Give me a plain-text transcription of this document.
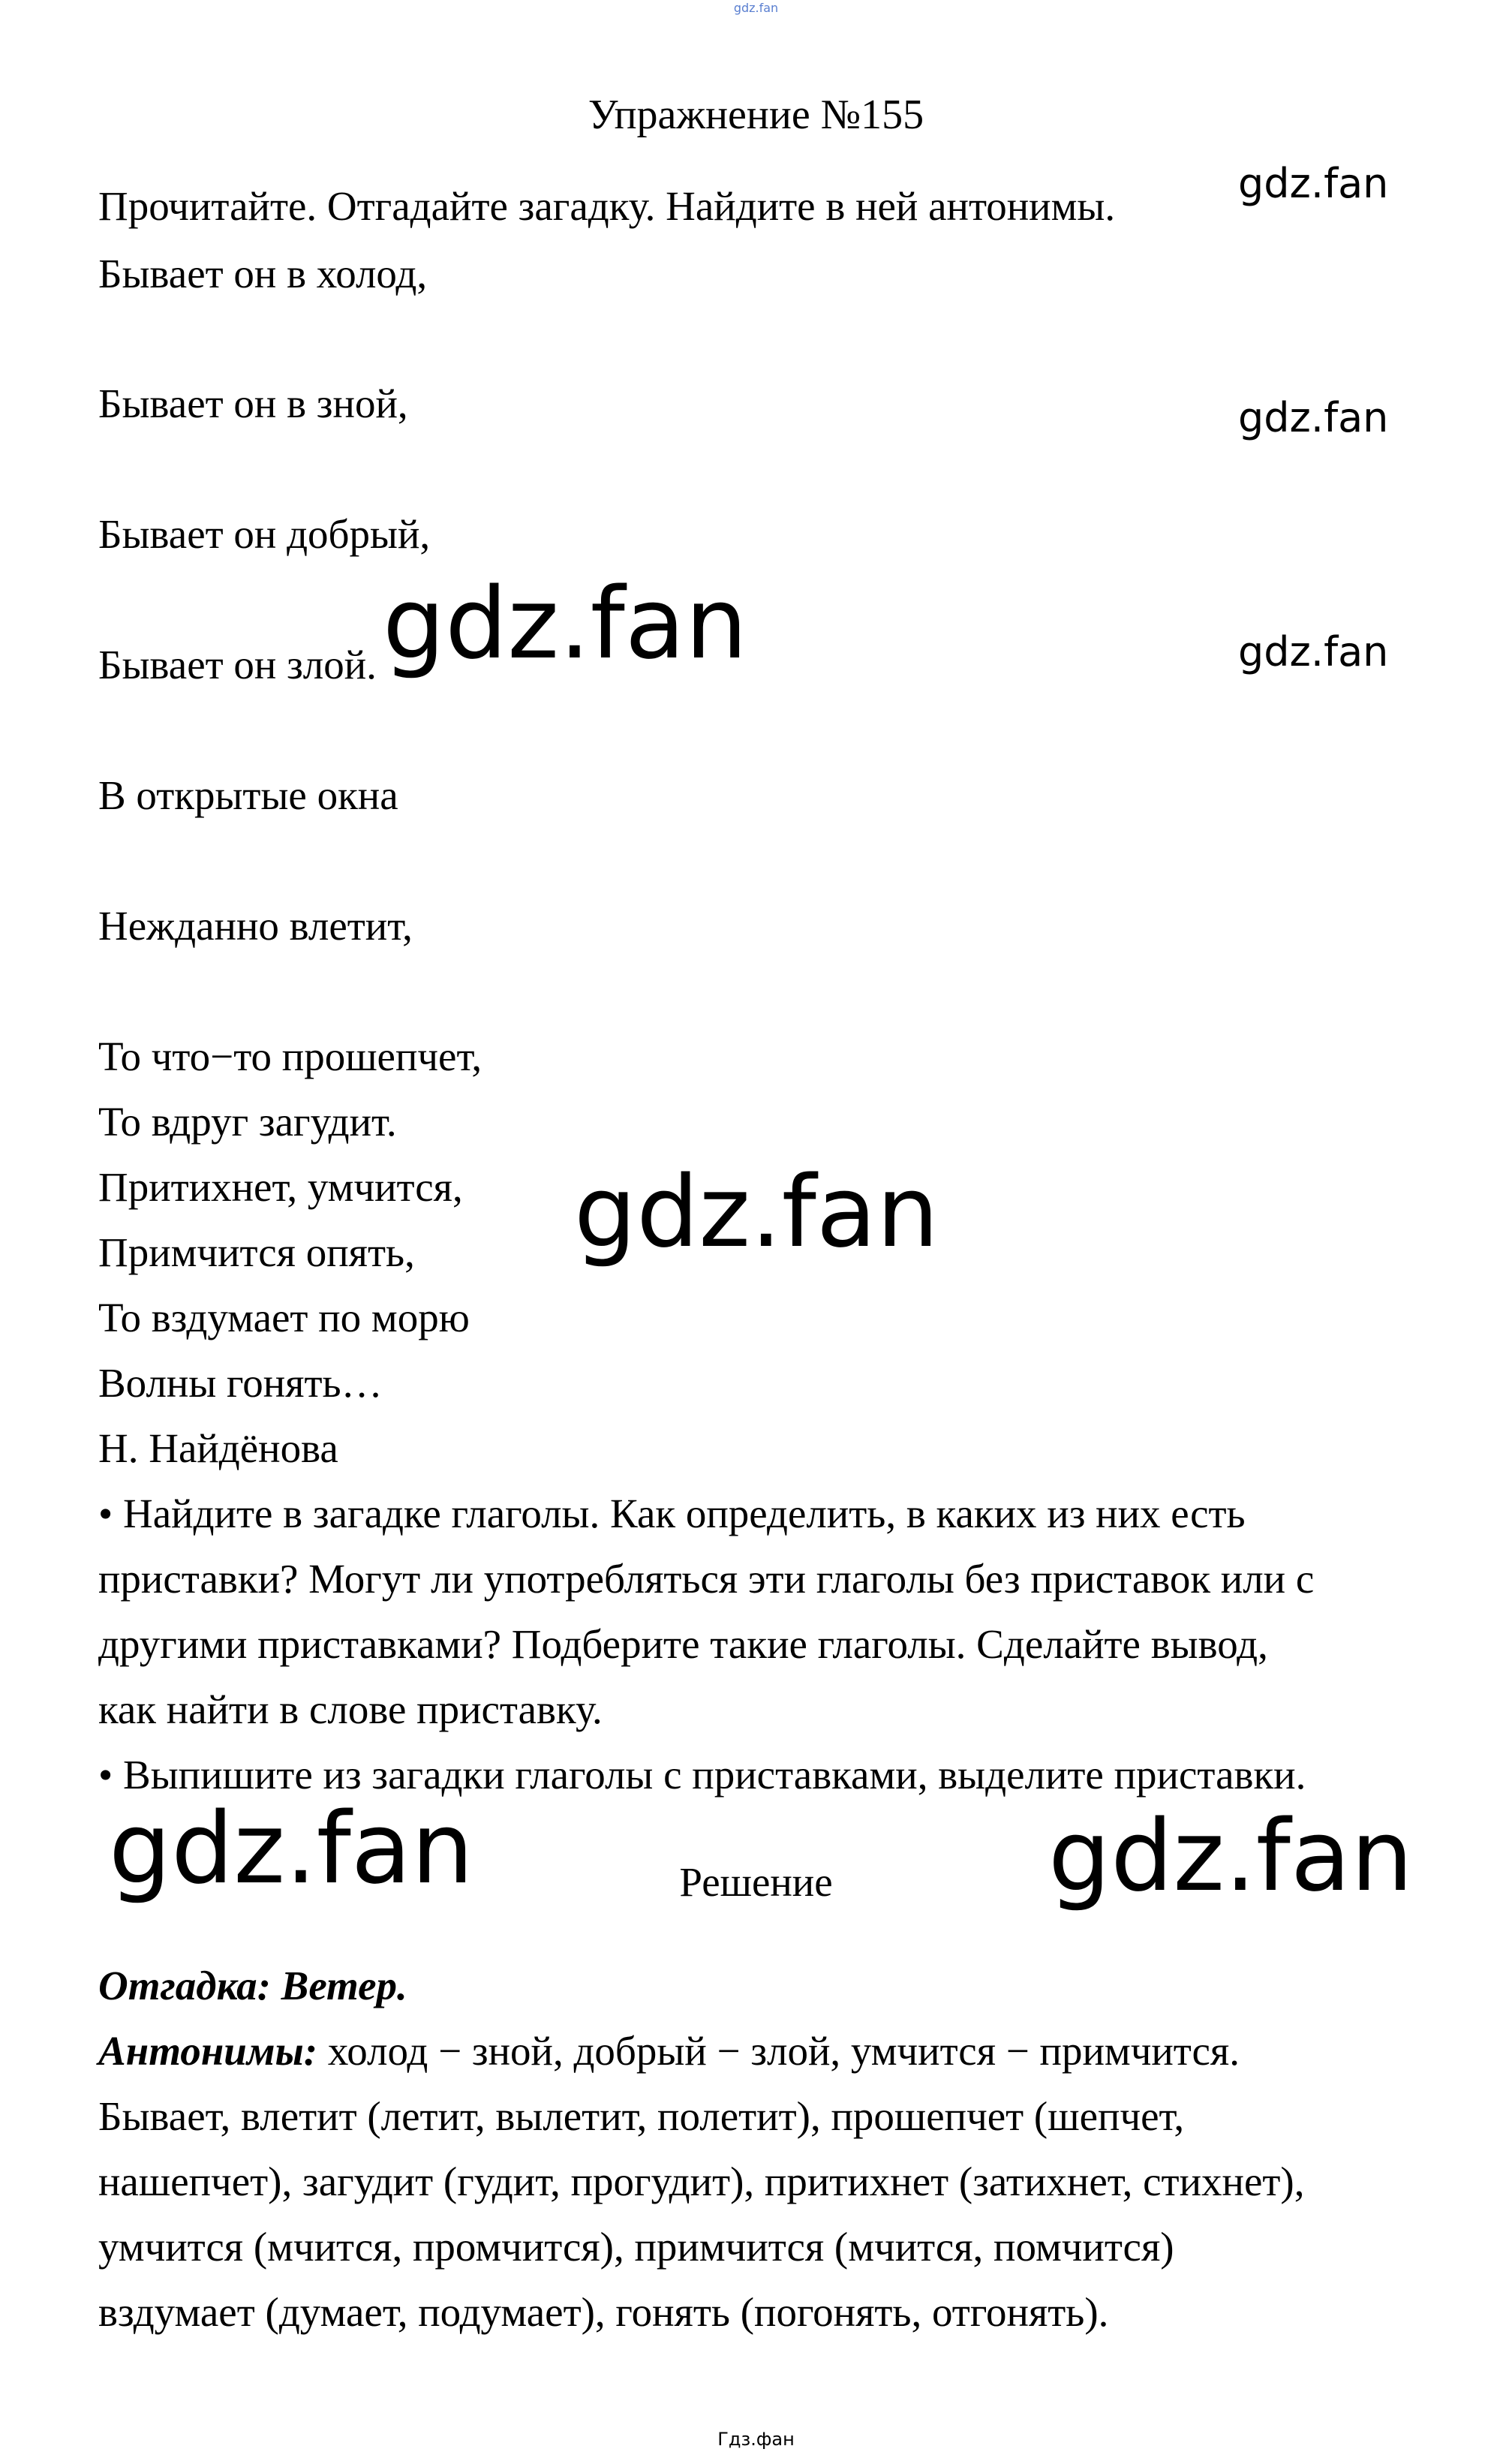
gdz.fan
Упражнение №155
Прочитайте. Отгадайте загадку. Найдите в ней антонимы.
Бывает он в холод,
Бывает он в зной,
Бывает он добрый,
Бывает он злой.
В открытые окна
Нежданно влетит,
То что−то прошепчет,
То вдруг загудит.
Притихнет, умчится,
Примчится опять,
То вздумает по морю
Волны гонять…
Н. Найдёнова
• Найдите в загадке глаголы. Как определить, в каких из них есть
приставки? Могут ли употребляться эти глаголы без приставок или с
другими приставками? Подберите такие глаголы. Сделайте вывод,
как найти в слове приставку.
• Выпишите из загадки глаголы с приставками, выделите приставки.
Решение
Отгадка: Ветер.
Антонимы: холод − зной, добрый − злой, умчится − примчится.
Бывает, влетит (летит, вылетит, полетит), прошепчет (шепчет,
нашепчет), загудит (гудит, прогудит), притихнет (затихнет, стихнет),
умчится (мчится, промчится), примчится (мчится, помчится)
вздумает (думает, подумает), гонять (погонять, отгонять).
gdz.fan
gdz.fan
gdz.fan
gdz.fan
gdz.fan
gdz.fan	gdz.fan
Гдз.фан
